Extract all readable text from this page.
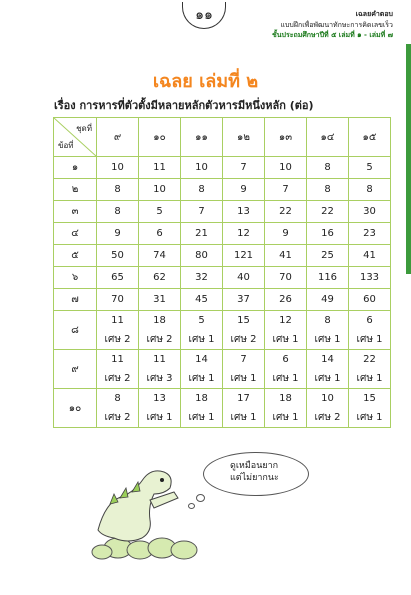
๑๑	เฉลยคำตอบ
แบบฝึกเพื่อพัฒนาทักษะการคิดเลขเร็ว
ชั้นประถมศึกษาปีที่ ๕ เล่มที่ ๑ - เล่มที่ ๗
เฉลย เล่มที่ ๒
เรื่อง การหารที่ตัวตั้งมีหลายหลักตัวหารมีหนึ่งหลัก (ต่อ)
ชุดที่
ข้อที่	๙	๑๐	๑๑	๑๒	๑๓	๑๔	๑๕
๑	10	11	10	7	10	8	5
๒	8	10	8	9	7	8	8
๓	8	5	7	13	22	22	30
๔	9	6	21	12	9	16	23
๕	50	74	80	121	41	25	41
๖	65	62	32	40	70	116	133
๗	70	31	45	37	26	49	60
๘	11	18	5	15	12	8	6
	เศษ 2	เศษ 2	เศษ 1	เศษ 2	เศษ 1	เศษ 1	เศษ 1
๙	11	11	14	7	6	14	22
	เศษ 2	เศษ 3	เศษ 1	เศษ 1	เศษ 1	เศษ 1	เศษ 1
๑๐	8	13	18	17	18	10	15
	เศษ 2	เศษ 1	เศษ 1	เศษ 1	เศษ 1	เศษ 2	เศษ 1
ดูเหมือนยาก
แต่ไม่ยากนะ
